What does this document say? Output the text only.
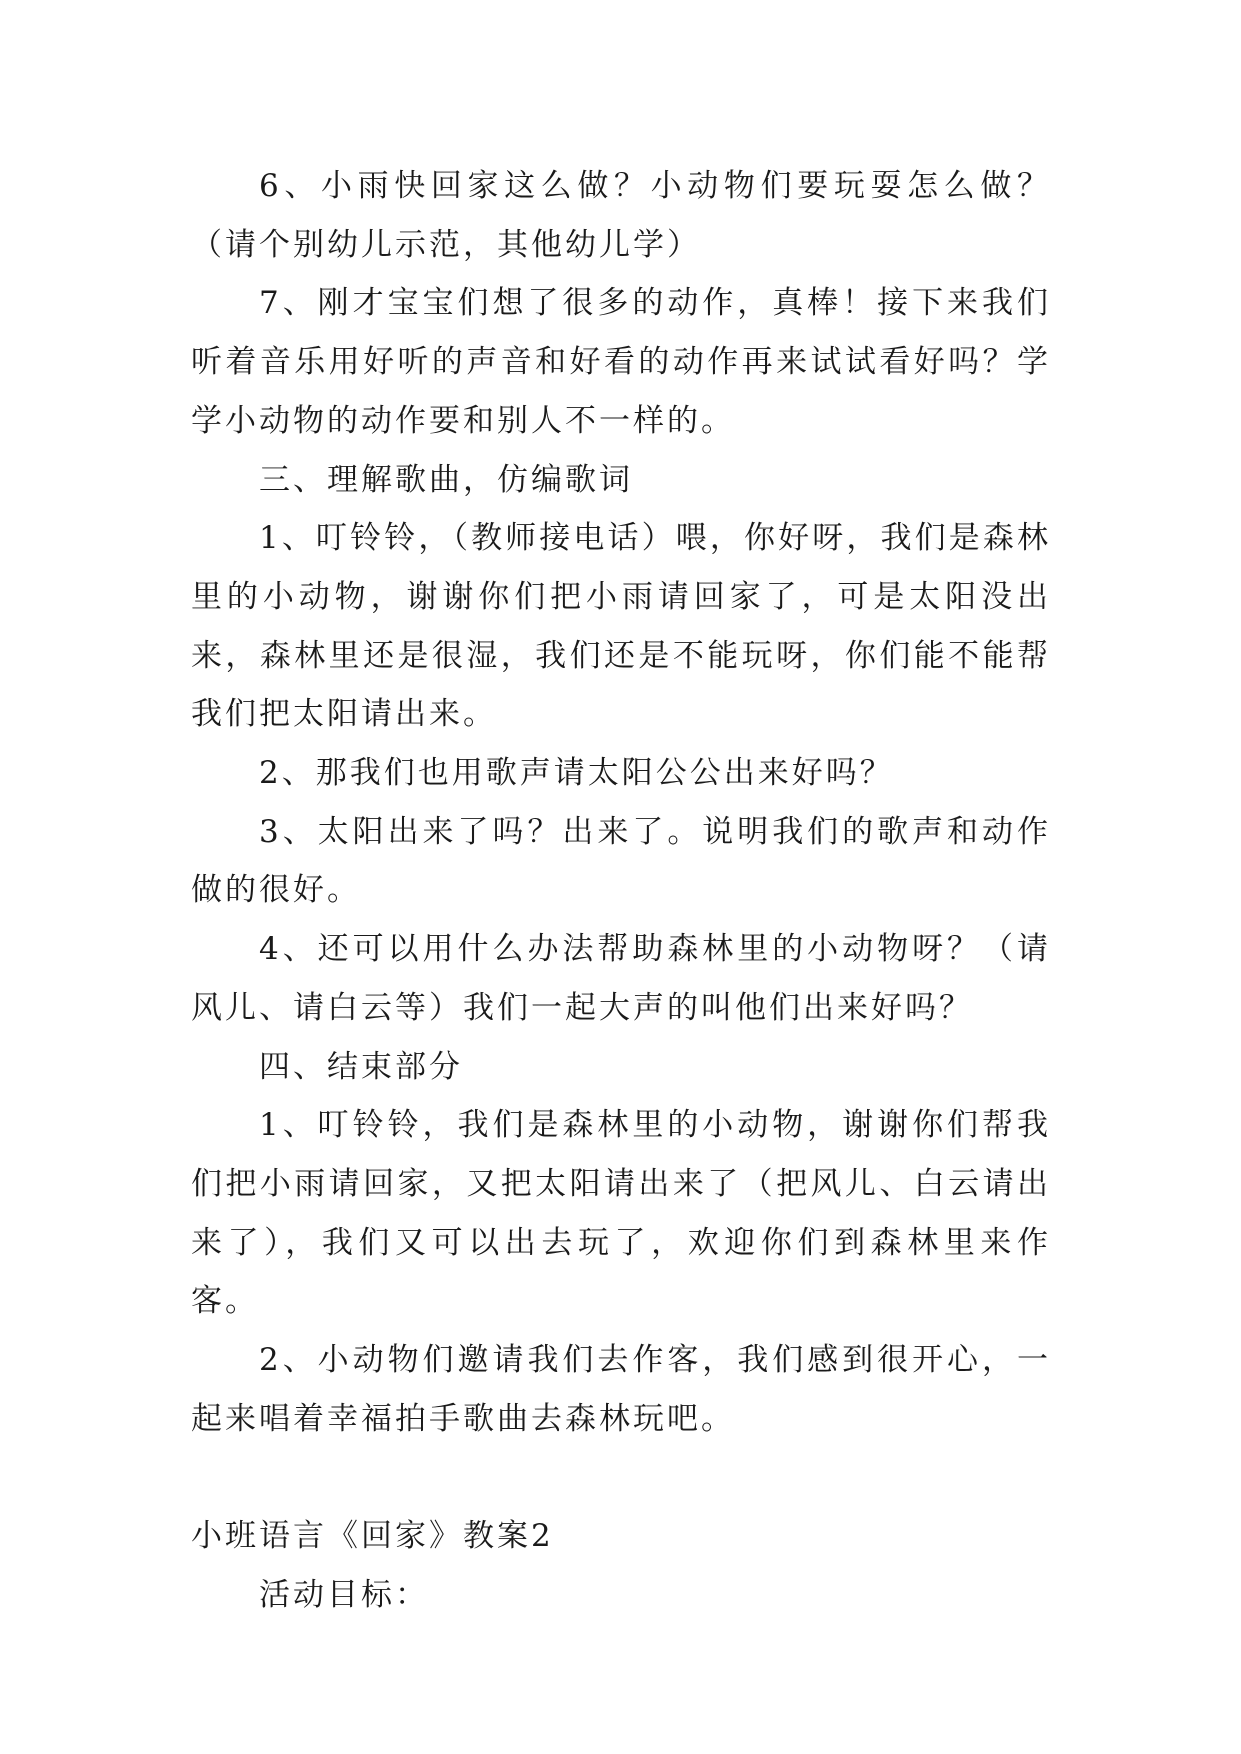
6、小雨快回家这么做？小动物们要玩耍怎么做？（请个别幼儿示范，其他幼儿学）

7、刚才宝宝们想了很多的动作，真棒！接下来我们听着音乐用好听的声音和好看的动作再来试试看好吗？学学小动物的动作要和别人不一样的。

三、理解歌曲，仿编歌词

1、叮铃铃，（教师接电话）喂，你好呀，我们是森林里的小动物，谢谢你们把小雨请回家了，可是太阳没出来，森林里还是很湿，我们还是不能玩呀，你们能不能帮我们把太阳请出来。

2、那我们也用歌声请太阳公公出来好吗？

3、太阳出来了吗？出来了。说明我们的歌声和动作做的很好。

4、还可以用什么办法帮助森林里的小动物呀？（请风儿、请白云等）我们一起大声的叫他们出来好吗？

四、结束部分

1、叮铃铃，我们是森林里的小动物，谢谢你们帮我们把小雨请回家，又把太阳请出来了（把风儿、白云请出来了），我们又可以出去玩了，欢迎你们到森林里来作客。

2、小动物们邀请我们去作客，我们感到很开心，一起来唱着幸福拍手歌曲去森林玩吧。

小班语言《回家》教案2

活动目标：
